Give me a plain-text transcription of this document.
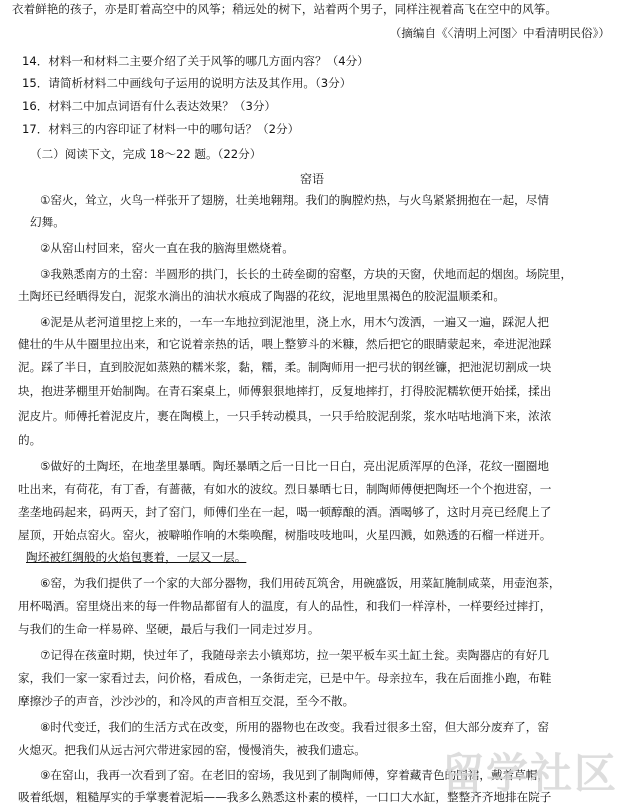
衣着鲜艳的孩子，亦是盯着高空中的风筝；稍远处的树下，站着两个男子，同样注视着高飞在空中的风筝。
（摘编自《〈清明上河图〉中看清明民俗》）
14．材料一和材料二主要介绍了关于风筝的哪几方面内容？（4分）
15．请简析材料二中画线句子运用的说明方法及其作用。（3分）
16．材料二中加点词语有什么表达效果？（3分）
17．材料三的内容印证了材料一中的哪句话？（2分）
（二）阅读下文，完成 18～22 题。（22分）
窑语
①窑火，耸立，火鸟一样张开了翅膀，壮美地翱翔。我们的胸膛灼热，与火鸟紧紧拥抱在一起，尽情
幻舞。
②从窑山村回来，窑火一直在我的脑海里燃烧着。
③我熟悉南方的土窑：半圆形的拱门，长长的土砖垒砌的窑壑，方块的天窗，伏地而起的烟囱。场院里，
土陶坯已经晒得发白，泥浆水淌出的油状水痕成了陶器的花纹，泥地里黑褐色的胶泥温顺柔和。
④泥是从老河道里挖上来的，一车一车地拉到泥池里，浇上水，用木勺泼洒，一遍又一遍，踩泥人把
健壮的牛从牛圈里拉出来，和它说着亲热的话，喂上整箩斗的米糠，然后把它的眼睛蒙起来，牵进泥池踩
泥。踩了半日，直到胶泥如蒸熟的糯米浆，黏，糯，柔。制陶师用一把弓状的钢丝镰，把池泥切割成一块
块，抱进茅棚里开始制陶。在青石案桌上，师傅狠狠地摔打，反复地摔打，打得胶泥糯软便开始揉，揉出
泥皮片。师傅托着泥皮片，裹在陶模上，一只手转动模具，一只手给胶泥刮浆，浆水咕咕地淌下来，浓浓
的。
⑤做好的土陶坯，在地垄里暴晒。陶坯暴晒之后一日比一日白，亮出泥质浑厚的色泽，花纹一圈圈地
吐出来，有荷花，有丁香，有蔷薇，有如水的波纹。烈日暴晒七日，制陶师傅便把陶坯一个个抱进窑，一
垄垄地码起来，码两天，封了窑门，师傅们坐在一起，喝一顿醇酿的酒。酒喝够了，这时月亮已经爬上了
屋顶，开始点窑火。窑火，被噼啪作响的木柴唤醒，树脂吱吱地叫，火星四溅，如熟透的石榴一样迸开。
陶坯被红绸般的火焰包裹着，一层又一层。
⑥窑，为我们提供了一个家的大部分器物，我们用砖瓦筑舍，用碗盛饭，用菜缸腌制咸菜，用壶泡茶，
用杯喝酒。窑里烧出来的每一件物品都留有人的温度，有人的品性，和我们一样淳朴，一样要经过摔打，
与我们的生命一样易碎、坚硬，最后与我们一同走过岁月。
⑦记得在孩童时期，快过年了，我随母亲去小镇郑坊，拉一架平板车买土缸土瓮。卖陶器店的有好几
家，我们一家一家看过去，问价格，看成色，一条街走完，已是中午。母亲拉车，我在后面推小跑，布鞋
摩擦沙子的声音，沙沙沙的，和冷风的声音相互交混，至今不散。
⑧时代变迁，我们的生活方式在改变，所用的器物也在改变。我看过很多土窑，但大部分废弃了，窑
火熄灭。把我们从远古河穴带进家园的窑，慢慢消失，被我们遗忘。
⑨在窑山，我再一次看到了窑。在老旧的窑场，我见到了制陶师傅，穿着藏青色的围裙，戴着草帽，
吸着纸烟，粗糙厚实的手掌裹着泥垢——我多么熟悉这朴素的模样，一口口大水缸，整整齐齐地排在院子
留学社区
